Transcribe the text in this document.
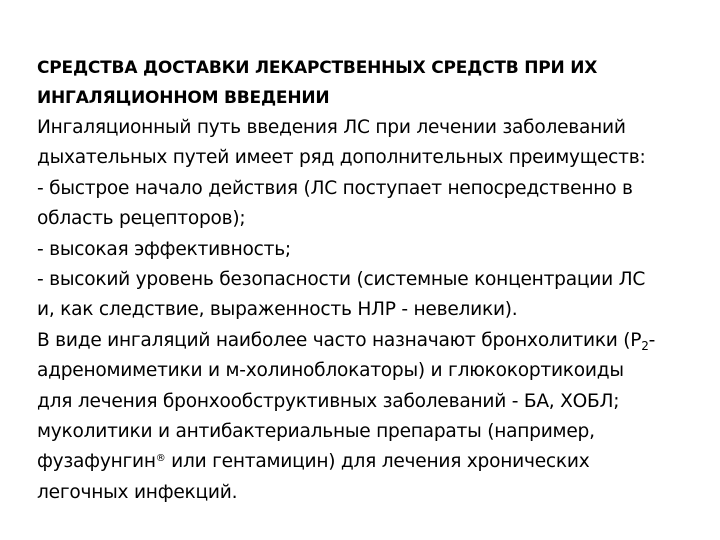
СРЕДСТВА ДОСТАВКИ ЛЕКАРСТВЕННЫХ СРЕДСТВ ПРИ ИХ
ИНГАЛЯЦИОННОМ ВВЕДЕНИИ
Ингаляционный путь введения ЛС при лечении заболеваний
дыхательных путей имеет ряд дополнительных преимуществ:
- быстрое начало действия (ЛС поступает непосредственно в
область рецепторов);
- высокая эффективность;
- высокий уровень безопасности (системные концентрации ЛС
и, как следствие, выраженность НЛР - невелики).
В виде ингаляций наиболее часто назначают бронхолитики ($Р_2-$
адреномиметики и м-холиноблокаторы) и глюкокортикоиды
для лечения бронхообструктивных заболеваний - БА, ХОБЛ;
муколитики и антибактериальные препараты (например,
фузафунгин® или гентамицин) для лечения хронических
легочных инфекций.
